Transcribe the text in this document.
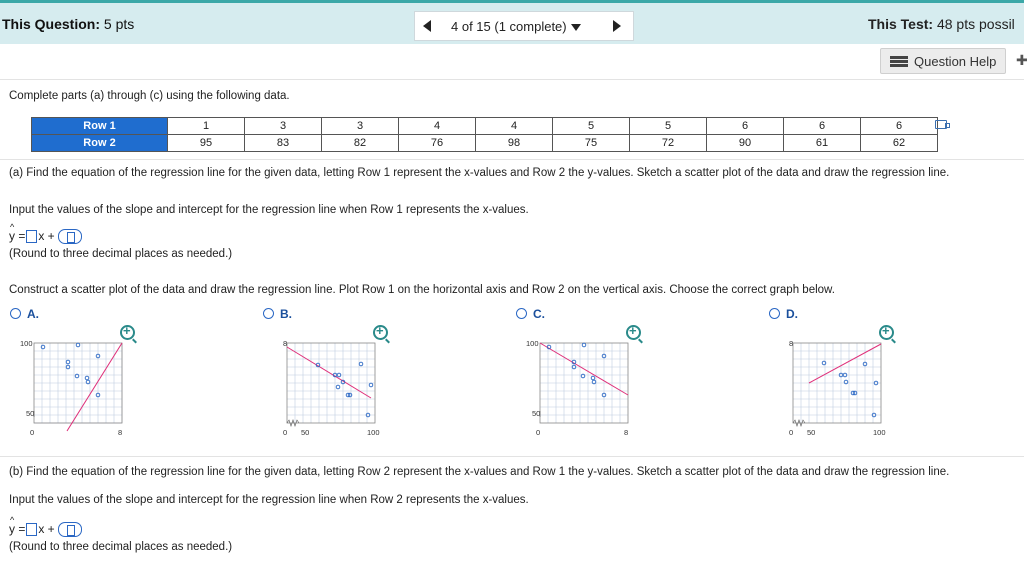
This Question: 5 pts	4 of 15 (1 complete)	This Test: 48 pts possil
Question Help ✚
Complete parts (a) through (c) using the following data.
Row 1	1	3	3	4	4	5	5	6	6	6
Row 2	95	83	82	76	98	75	72	90	61	62
(a) Find the equation of the regression line for the given data, letting Row 1 represent the x-values and Row 2 the y-values. Sketch a scatter plot of the data and draw the regression line.
Input the values of the slope and intercept for the regression line when Row 1 represents the x-values.
^ y = x +
(Round to three decimal places as needed.)
Construct a scatter plot of the data and draw the regression line. Plot Row 1 on the horizontal axis and Row 2 on the vertical axis. Choose the correct graph below.
A.	B.	C.	D.
+
+
+
+
100
50
0	8
8
0 50	100
100
50
0	8
8
0 50	100
(b) Find the equation of the regression line for the given data, letting Row 2 represent the x-values and Row 1 the y-values. Sketch a scatter plot of the data and draw the regression line.
Input the values of the slope and intercept for the regression line when Row 2 represents the x-values.
^ y = x +
(Round to three decimal places as needed.)
